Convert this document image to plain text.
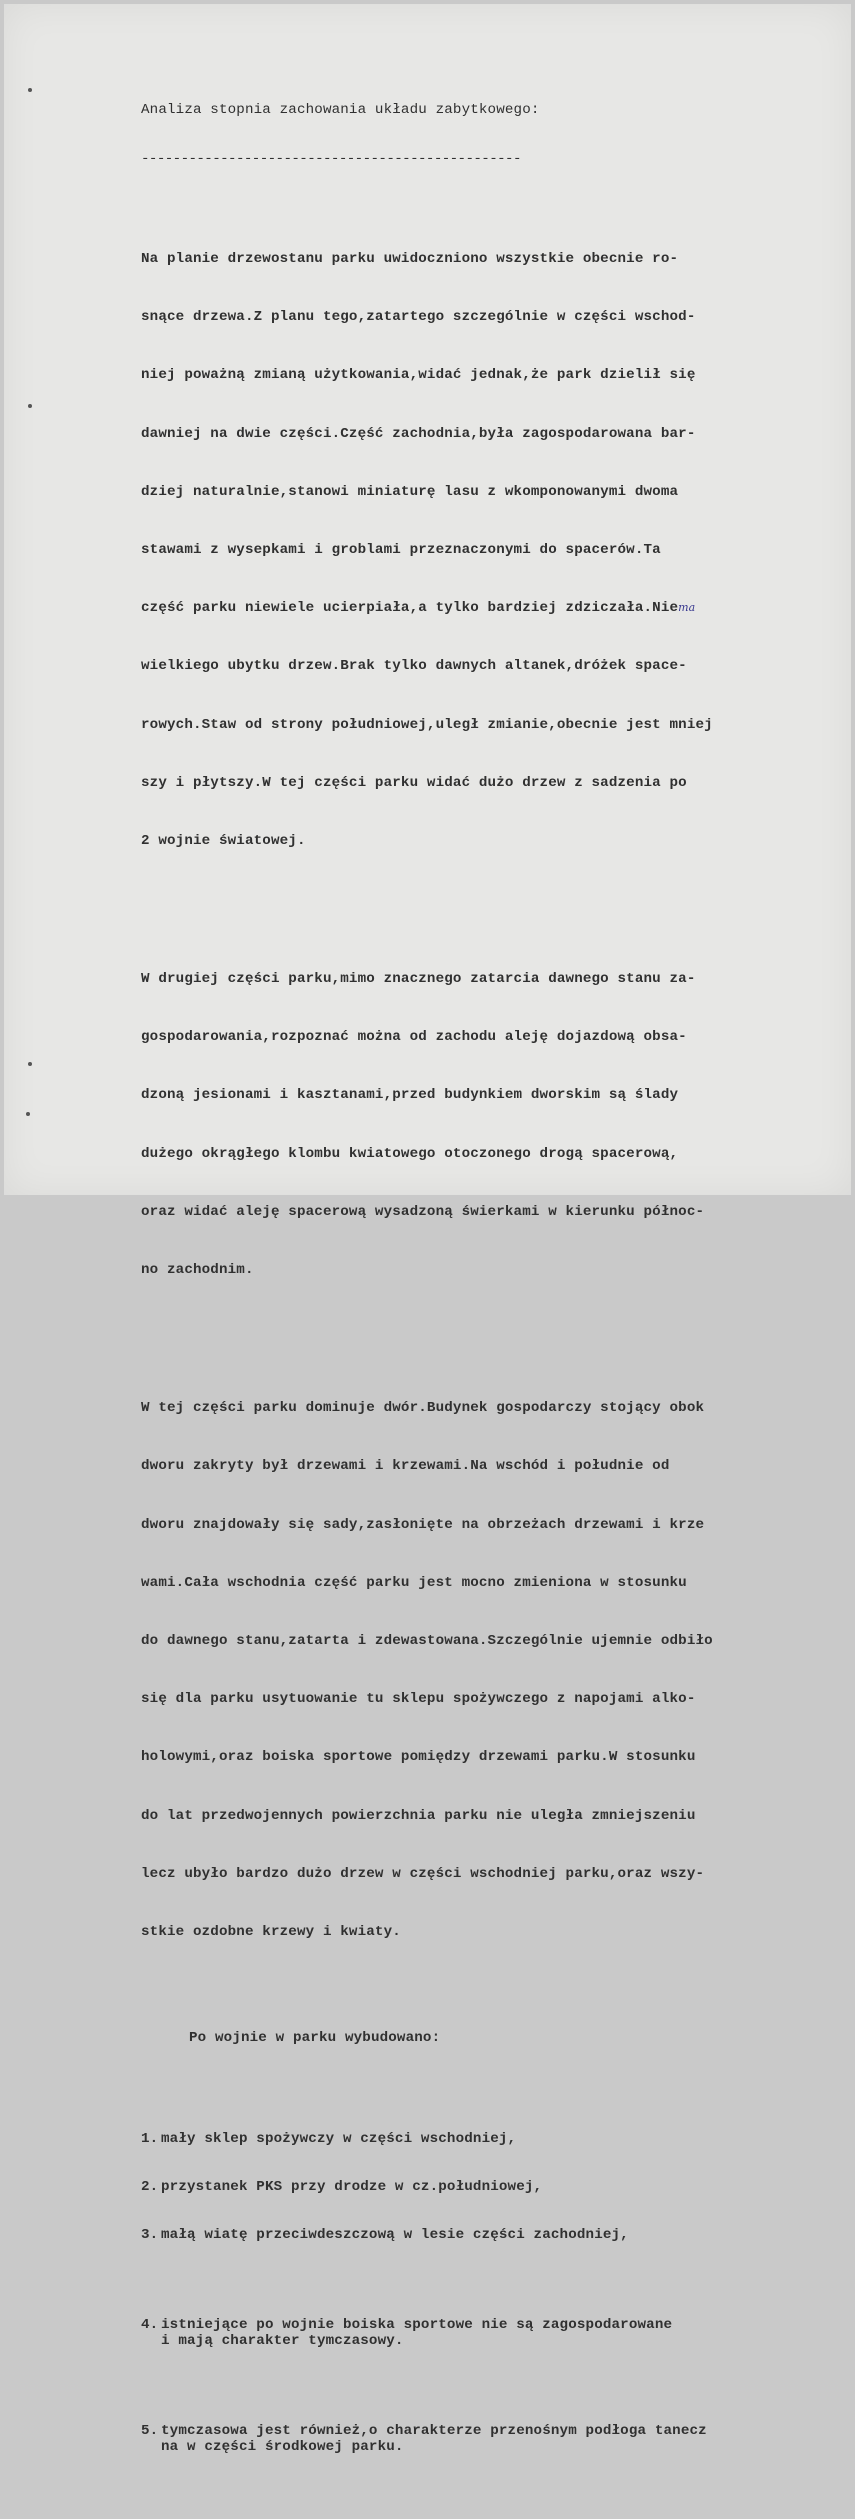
Analiza stopnia zachowania układu zabytkowego:

------------------------------------------------

Na planie drzewostanu parku uwidoczniono wszystkie obecnie ro-

snące drzewa.Z planu tego,zatartego szczególnie w części wschod-

niej poważną zmianą użytkowania,widać jednak,że park dzielił się

dawniej na dwie części.Część zachodnia,była zagospodarowana bar-

dziej naturalnie,stanowi miniaturę lasu z wkomponowanymi dwoma

stawami z wysepkami i groblami przeznaczonymi do spacerów.Ta

część parku niewiele ucierpiała,a tylko bardziej zdziczała.Niema

wielkiego ubytku drzew.Brak tylko dawnych altanek,dróżek space-

rowych.Staw od strony południowej,uległ zmianie,obecnie jest mniej

szy i płytszy.W tej części parku widać dużo drzew z sadzenia po

2 wojnie światowej.

W drugiej części parku,mimo znacznego zatarcia dawnego stanu za-

gospodarowania,rozpoznać można od zachodu aleję dojazdową obsa-

dzoną jesionami i kasztanami,przed budynkiem dworskim są ślady

dużego okrągłego klombu kwiatowego otoczonego drogą spacerową,

oraz widać aleję spacerową wysadzoną świerkami w kierunku północ-

no zachodnim.

W tej części parku dominuje dwór.Budynek gospodarczy stojący obok

dworu zakryty był drzewami i krzewami.Na wschód i południe od

dworu znajdowały się sady,zasłonięte na obrzeżach drzewami i krze

wami.Cała wschodnia część parku jest mocno zmieniona w stosunku

do dawnego stanu,zatarta i zdewastowana.Szczególnie ujemnie odbiło

się dla parku usytuowanie tu sklepu spożywczego z napojami alko-

holowymi,oraz boiska sportowe pomiędzy drzewami parku.W stosunku

do lat przedwojennych powierzchnia parku nie uległa zmniejszeniu

lecz ubyło bardzo dużo drzew w części wschodniej parku,oraz wszy-

stkie ozdobne krzewy i kwiaty.

Po wojnie w parku wybudowano:

1. mały sklep spożywczy w części wschodniej,

2. przystanek PKS przy drodze w cz.południowej,

3. małą wiatę przeciwdeszczową w lesie części zachodniej,

4. istniejące po wojnie boiska sportowe nie są zagospodarowane
i mają charakter tymczasowy.

5. tymczasowa jest również,o charakterze przenośnym podłoga tanecz
na w części środkowej parku.
